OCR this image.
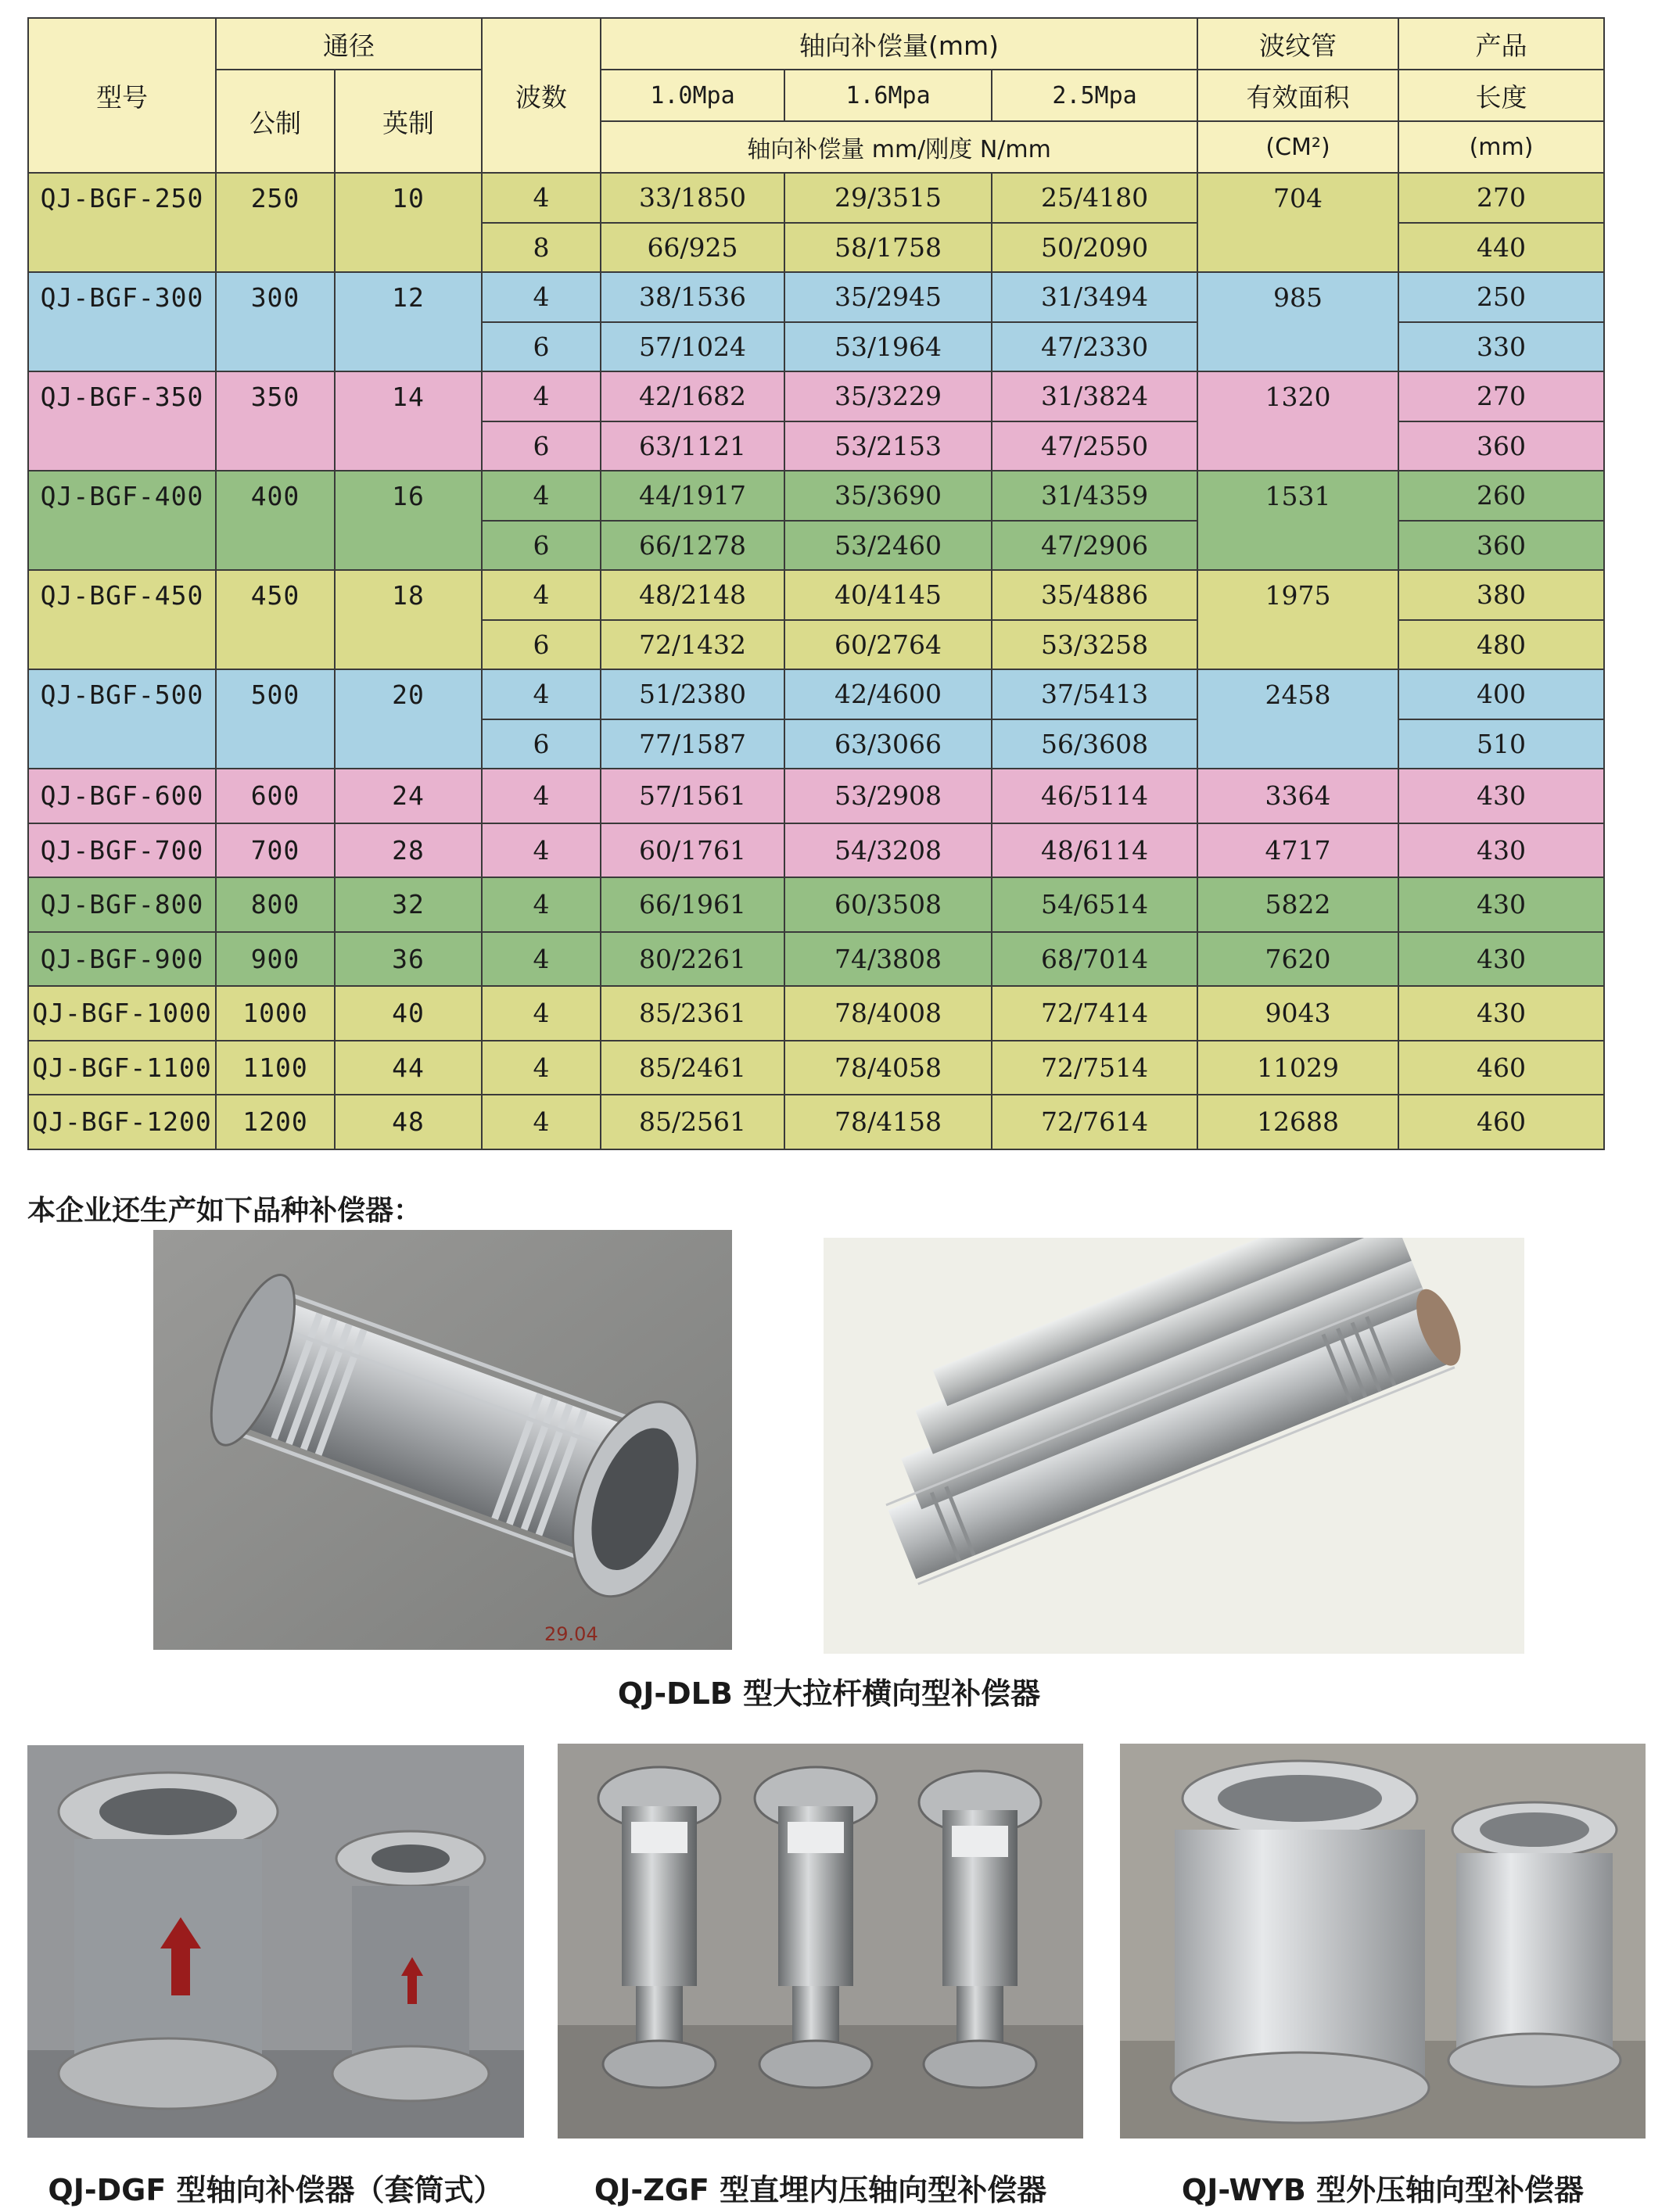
型号	通径		波数	轴向补偿量(mm)			波纹管	产品
	公制	英制		1.0Mpa	1.6Mpa	2.5Mpa	有效面积	长度
				轴向补偿量 mm/刚度 N/mm			(CM²)	(mm)
QJ-BGF-250	250	10	4	33/1850	29/3515	25/4180	704	270
			8	66/925	58/1758	50/2090		440
QJ-BGF-300	300	12	4	38/1536	35/2945	31/3494	985	250
			6	57/1024	53/1964	47/2330		330
QJ-BGF-350	350	14	4	42/1682	35/3229	31/3824	1320	270
			6	63/1121	53/2153	47/2550		360
QJ-BGF-400	400	16	4	44/1917	35/3690	31/4359	1531	260
			6	66/1278	53/2460	47/2906		360
QJ-BGF-450	450	18	4	48/2148	40/4145	35/4886	1975	380
			6	72/1432	60/2764	53/3258		480
QJ-BGF-500	500	20	4	51/2380	42/4600	37/5413	2458	400
			6	77/1587	63/3066	56/3608		510
QJ-BGF-600	600	24	4	57/1561	53/2908	46/5114	3364	430
QJ-BGF-700	700	28	4	60/1761	54/3208	48/6114	4717	430
QJ-BGF-800	800	32	4	66/1961	60/3508	54/6514	5822	430
QJ-BGF-900	900	36	4	80/2261	74/3808	68/7014	7620	430
QJ-BGF-1000	1000	40	4	85/2361	78/4008	72/7414	9043	430
QJ-BGF-1100	1100	44	4	85/2461	78/4058	72/7514	11029	460
QJ-BGF-1200	1200	48	4	85/2561	78/4158	72/7614	12688	460
本企业还生产如下品种补偿器：
29.04
QJ-DLB 型大拉杆横向型补偿器
QJ-DGF 型轴向补偿器（套筒式）	QJ-ZGF 型直埋内压轴向型补偿器	QJ-WYB 型外压轴向型补偿器
